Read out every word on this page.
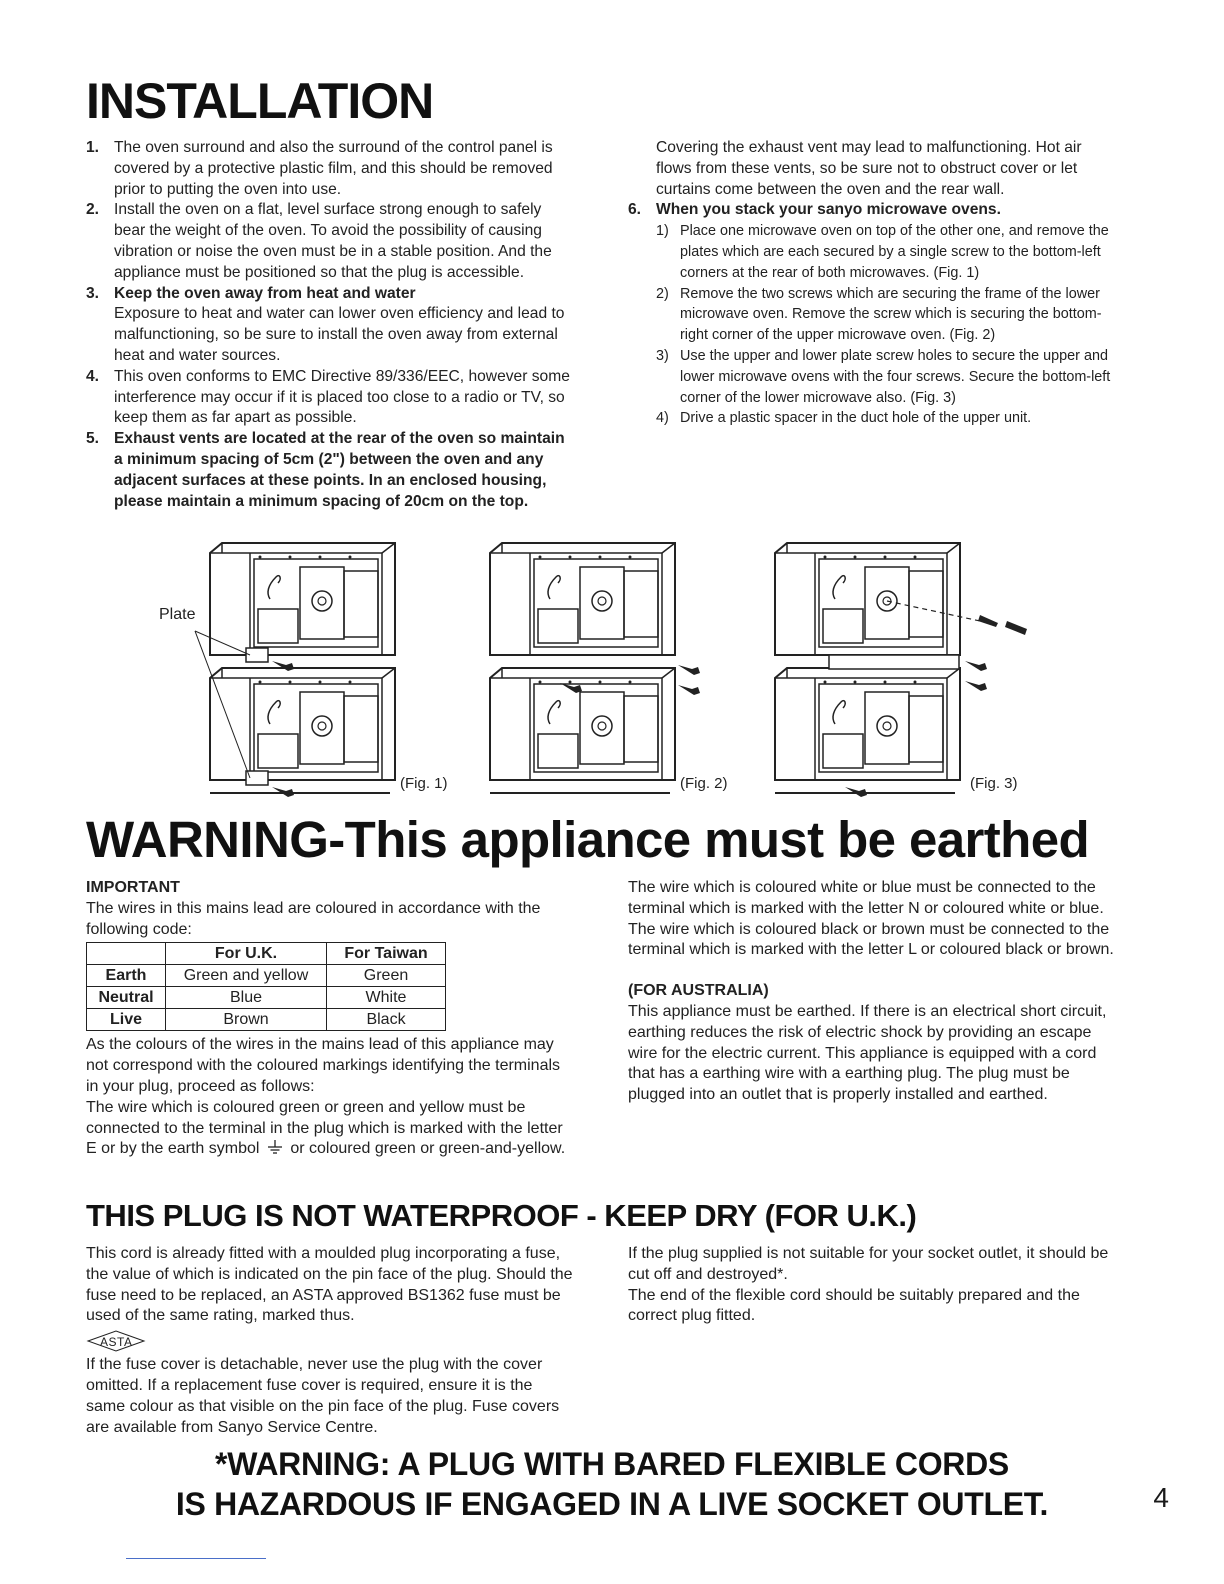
INSTALLATION
1. The oven surround and also the surround of the control panel is covered by a protective plastic film, and this should be removed prior to putting the oven into use.

2. Install the oven on a flat, level surface strong enough to safely bear the weight of the oven. To avoid the possibility of causing vibration or noise the oven must be in a stable position. And the appliance must be positioned so that the plug is accessible.

3. Keep the oven away from heat and water

Exposure to heat and water can lower oven efficiency and lead to malfunctioning, so be sure to install the oven away from external heat and water sources.

4. This oven conforms to EMC Directive 89/336/EEC, however some interference may occur if it is placed too close to a radio or TV, so keep them as far apart as possible.

5. Exhaust vents are located at the rear of the oven so maintain a minimum spacing of 5cm (2") between the oven and any adjacent surfaces at these points. In an enclosed housing, please maintain a minimum spacing of 20cm on the top.

Covering the exhaust vent may lead to malfunctioning. Hot air flows from these vents, so be sure not to obstruct cover or let curtains come between the oven and the rear wall.

6. When you stack your sanyo microwave ovens.

1) Place one microwave oven on top of the other one, and remove the plates which are each secured by a single screw to the bottom-left corners at the rear of both microwaves. (Fig. 1)

2) Remove the two screws which are securing the frame of the lower microwave oven. Remove the screw which is securing the bottom-right corner of the upper microwave oven. (Fig. 2)

3) Use the upper and lower plate screw holes to secure the upper and lower microwave ovens with the four screws. Secure the bottom-left corner of the lower microwave also. (Fig. 3)

4) Drive a plastic spacer in the duct hole of the upper unit.

Plate
(Fig. 1)	(Fig. 2)	(Fig. 3)
WARNING-This appliance must be earthed

IMPORTANT

The wires in this mains lead are coloured in accordance with the following code:

	For U.K.	For Taiwan
Earth	Green and yellow	Green
Neutral	Blue	White
Live	Brown	Black

As the colours of the wires in the mains lead of this appliance may not correspond with the coloured markings identifying the terminals in your plug, proceed as follows:

The wire which is coloured green or green and yellow must be connected to the terminal in the plug which is marked with the letter E or by the earth symbol or coloured green or green-and-yellow.

The wire which is coloured white or blue must be connected to the terminal which is marked with the letter N or coloured white or blue. The wire which is coloured black or brown must be connected to the terminal which is marked with the letter L or coloured black or brown.

(FOR AUSTRALIA)

This appliance must be earthed. If there is an electrical short circuit, earthing reduces the risk of electric shock by providing an escape wire for the electric current. This appliance is equipped with a cord that has a earthing wire with a earthing plug. The plug must be plugged into an outlet that is properly installed and earthed.

THIS PLUG IS NOT WATERPROOF - KEEP DRY (FOR U.K.)

This cord is already fitted with a moulded plug incorporating a fuse, the value of which is indicated on the pin face of the plug. Should the fuse need to be replaced, an ASTA approved BS1362 fuse must be used of the same rating, marked thus.

ASTA

If the fuse cover is detachable, never use the plug with the cover omitted. If a replacement fuse cover is required, ensure it is the same colour as that visible on the pin face of the plug. Fuse covers are available from Sanyo Service Centre.

If the plug supplied is not suitable for your socket outlet, it should be cut off and destroyed*.

The end of the flexible cord should be suitably prepared and the correct plug fitted.

*WARNING: A PLUG WITH BARED FLEXIBLE CORDS
IS HAZARDOUS IF ENGAGED IN A LIVE SOCKET OUTLET.	4
